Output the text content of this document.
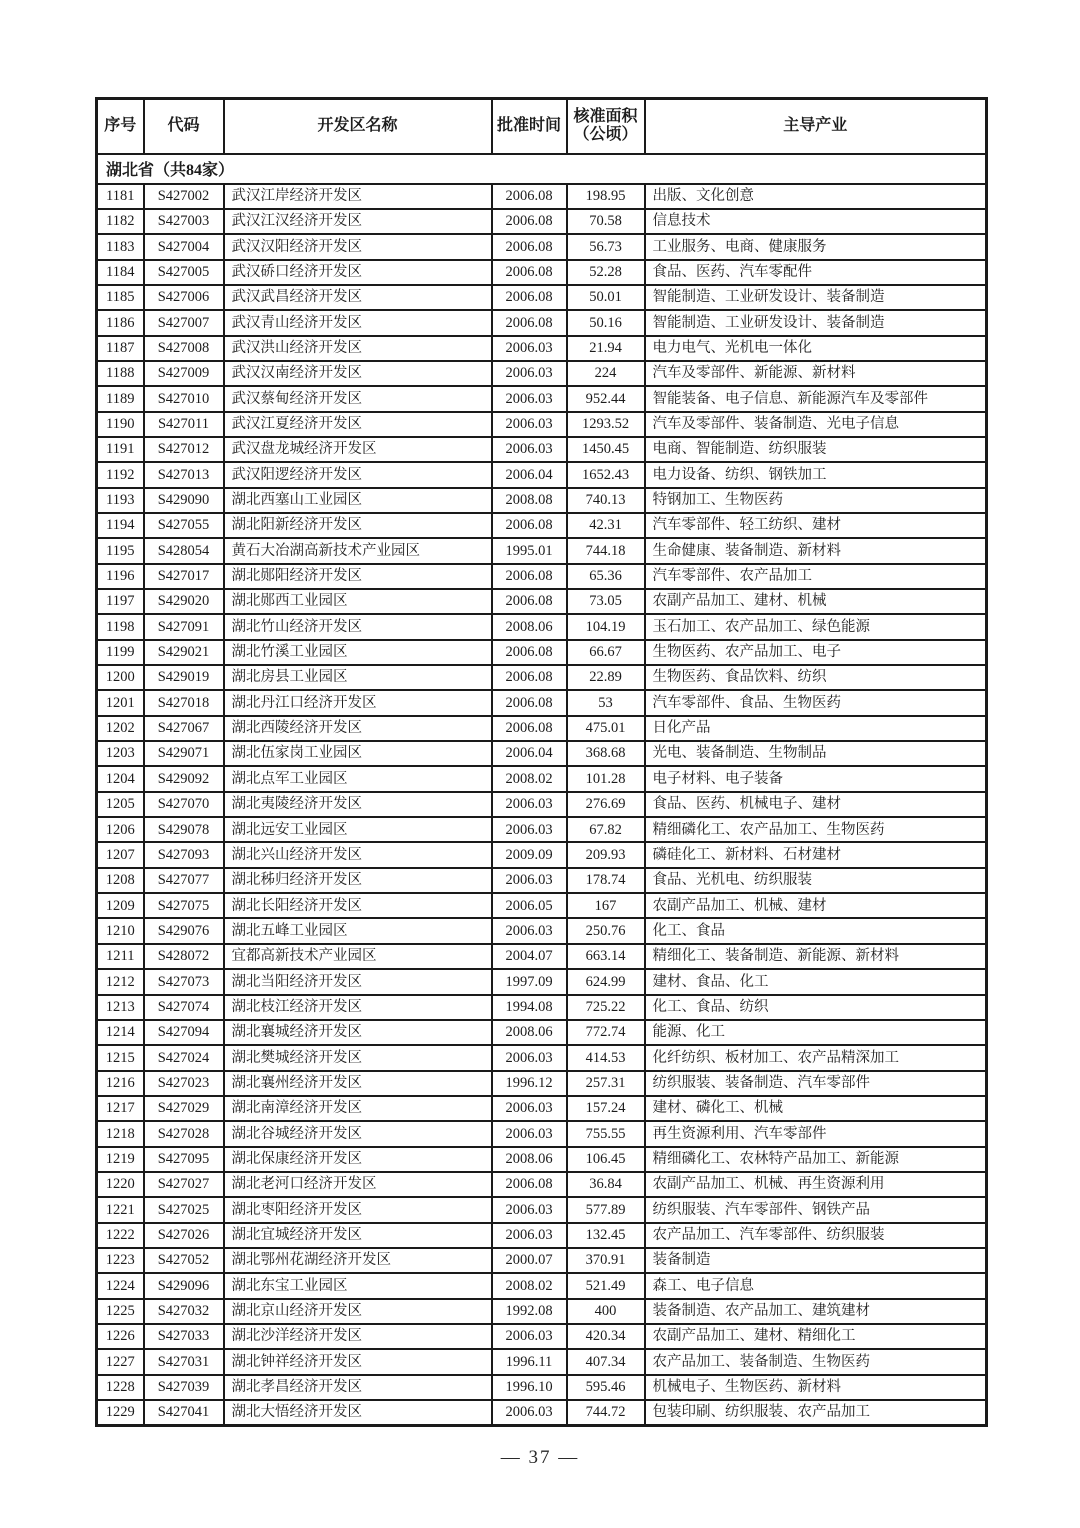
序号	代码	开发区名称	批准时间	核准面积
（公顷）	主导产业
湖北省（共84家）					
1181	S427002	武汉江岸经济开发区	2006.08	198.95	出版、文化创意
1182	S427003	武汉江汉经济开发区	2006.08	70.58	信息技术
1183	S427004	武汉汉阳经济开发区	2006.08	56.73	工业服务、电商、健康服务
1184	S427005	武汉硚口经济开发区	2006.08	52.28	食品、医药、汽车零配件
1185	S427006	武汉武昌经济开发区	2006.08	50.01	智能制造、工业研发设计、装备制造
1186	S427007	武汉青山经济开发区	2006.08	50.16	智能制造、工业研发设计、装备制造
1187	S427008	武汉洪山经济开发区	2006.03	21.94	电力电气、光机电一体化
1188	S427009	武汉汉南经济开发区	2006.03	224	汽车及零部件、新能源、新材料
1189	S427010	武汉蔡甸经济开发区	2006.03	952.44	智能装备、电子信息、新能源汽车及零部件
1190	S427011	武汉江夏经济开发区	2006.03	1293.52	汽车及零部件、装备制造、光电子信息
1191	S427012	武汉盘龙城经济开发区	2006.03	1450.45	电商、智能制造、纺织服装
1192	S427013	武汉阳逻经济开发区	2006.04	1652.43	电力设备、纺织、钢铁加工
1193	S429090	湖北西塞山工业园区	2008.08	740.13	特钢加工、生物医药
1194	S427055	湖北阳新经济开发区	2006.08	42.31	汽车零部件、轻工纺织、建材
1195	S428054	黄石大冶湖高新技术产业园区	1995.01	744.18	生命健康、装备制造、新材料
1196	S427017	湖北郧阳经济开发区	2006.08	65.36	汽车零部件、农产品加工
1197	S429020	湖北郧西工业园区	2006.08	73.05	农副产品加工、建材、机械
1198	S427091	湖北竹山经济开发区	2008.06	104.19	玉石加工、农产品加工、绿色能源
1199	S429021	湖北竹溪工业园区	2006.08	66.67	生物医药、农产品加工、电子
1200	S429019	湖北房县工业园区	2006.08	22.89	生物医药、食品饮料、纺织
1201	S427018	湖北丹江口经济开发区	2006.08	53	汽车零部件、食品、生物医药
1202	S427067	湖北西陵经济开发区	2006.08	475.01	日化产品
1203	S429071	湖北伍家岗工业园区	2006.04	368.68	光电、装备制造、生物制品
1204	S429092	湖北点军工业园区	2008.02	101.28	电子材料、电子装备
1205	S427070	湖北夷陵经济开发区	2006.03	276.69	食品、医药、机械电子、建材
1206	S429078	湖北远安工业园区	2006.03	67.82	精细磷化工、农产品加工、生物医药
1207	S427093	湖北兴山经济开发区	2009.09	209.93	磷硅化工、新材料、石材建材
1208	S427077	湖北秭归经济开发区	2006.03	178.74	食品、光机电、纺织服装
1209	S427075	湖北长阳经济开发区	2006.05	167	农副产品加工、机械、建材
1210	S429076	湖北五峰工业园区	2006.03	250.76	化工、食品
1211	S428072	宜都高新技术产业园区	2004.07	663.14	精细化工、装备制造、新能源、新材料
1212	S427073	湖北当阳经济开发区	1997.09	624.99	建材、食品、化工
1213	S427074	湖北枝江经济开发区	1994.08	725.22	化工、食品、纺织
1214	S427094	湖北襄城经济开发区	2008.06	772.74	能源、化工
1215	S427024	湖北樊城经济开发区	2006.03	414.53	化纤纺织、板材加工、农产品精深加工
1216	S427023	湖北襄州经济开发区	1996.12	257.31	纺织服装、装备制造、汽车零部件
1217	S427029	湖北南漳经济开发区	2006.03	157.24	建材、磷化工、机械
1218	S427028	湖北谷城经济开发区	2006.03	755.55	再生资源利用、汽车零部件
1219	S427095	湖北保康经济开发区	2008.06	106.45	精细磷化工、农林特产品加工、新能源
1220	S427027	湖北老河口经济开发区	2006.08	36.84	农副产品加工、机械、再生资源利用
1221	S427025	湖北枣阳经济开发区	2006.03	577.89	纺织服装、汽车零部件、钢铁产品
1222	S427026	湖北宜城经济开发区	2006.03	132.45	农产品加工、汽车零部件、纺织服装
1223	S427052	湖北鄂州花湖经济开发区	2000.07	370.91	装备制造
1224	S429096	湖北东宝工业园区	2008.02	521.49	森工、电子信息
1225	S427032	湖北京山经济开发区	1992.08	400	装备制造、农产品加工、建筑建材
1226	S427033	湖北沙洋经济开发区	2006.03	420.34	农副产品加工、建材、精细化工
1227	S427031	湖北钟祥经济开发区	1996.11	407.34	农产品加工、装备制造、生物医药
1228	S427039	湖北孝昌经济开发区	1996.10	595.46	机械电子、生物医药、新材料
1229	S427041	湖北大悟经济开发区	2006.03	744.72	包装印刷、纺织服装、农产品加工
— 37 —
